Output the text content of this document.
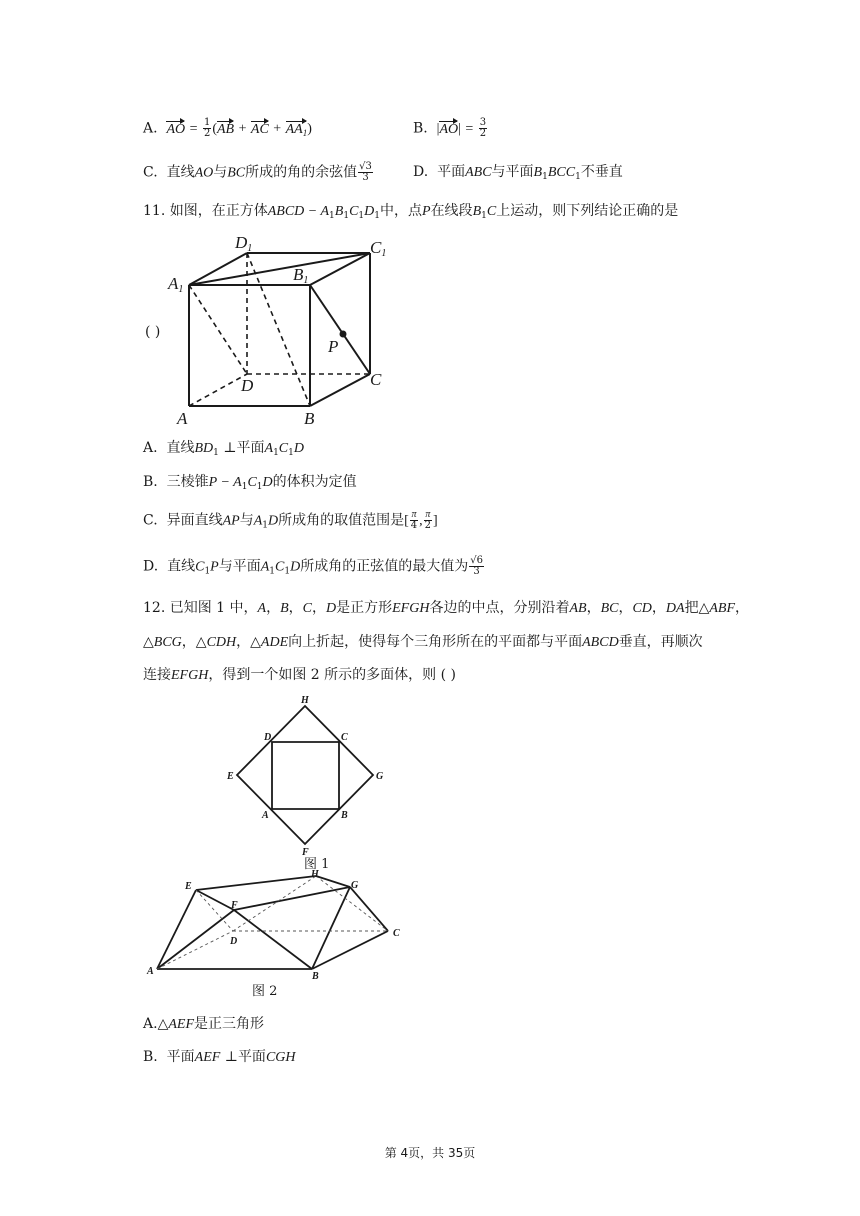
A. AO = $\frac{1}{2} (AB$ + AC + $AA_1$)	B. $|AO| = \frac{3}{2}$
C. 直线AO与BC所成的角的余弦值 $\frac{√3}{3}$	D. 平面ABC与平面$B_1BCC_1$不垂直
11. 如图，在正方体ABCD − $A_1B_1C_1D_1$中，点P在线段$B_1C$上运动，则下列结论正确的是
( )
D1	C1
B1
A1
P
C
D
A	B
A. 直线$BD_1$ ⊥平面$A_1C_1D$
B. 三棱锥$P - A_1C_1D$的体积为定值
C. 异面直线AP与$A_1D$所成角的取值范围是[ $\frac{\pi}{4}$ , $\frac{\pi}{2}$ ]
D. 直线$C_1P$与平面$A_1C_1D$所成角的正弦值的最大值为 $\frac{√6}{3}$
12. 已知图 1 中，A，B，C，D是正方形EFGH各边的中点，分别沿着AB，BC，CD，DA把△ABF，
△BCG，△CDH，△ADE向上折起，使得每个三角形所在的平面都与平面ABCD垂直，再顺次
连接EFGH，得到一个如图 2 所示的多面体，则 ( )
H
D	C
E	G
A	B
F
图 1
E
H
G
F
D
C
A	B
图 2
A.△AEF是正三角形
B. 平面AEF ⊥平面CGH
第 4页，共 35页
